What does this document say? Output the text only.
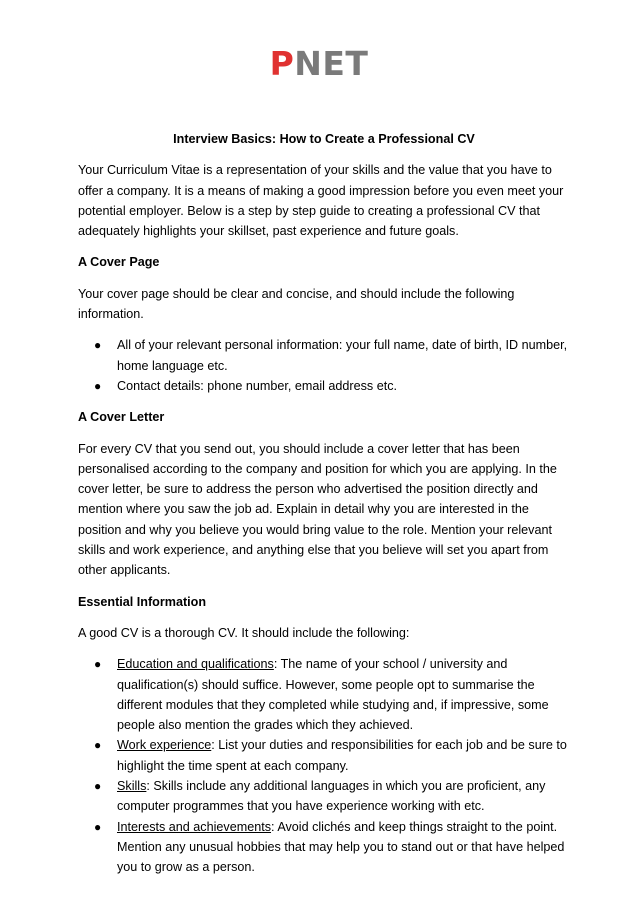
PNET
Interview Basics: How to Create a Professional CV
Your Curriculum Vitae is a representation of your skills and the value that you have to offer a company. It is a means of making a good impression before you even meet your potential employer. Below is a step by step guide to creating a professional CV that adequately highlights your skillset, past experience and future goals.
A Cover Page
Your cover page should be clear and concise, and should include the following information.
● All of your relevant personal information: your full name, date of birth, ID number, home language etc.
● Contact details: phone number, email address etc.
A Cover Letter
For every CV that you send out, you should include a cover letter that has been personalised according to the company and position for which you are applying. In the cover letter, be sure to address the person who advertised the position directly and mention where you saw the job ad. Explain in detail why you are interested in the position and why you believe you would bring value to the role. Mention your relevant skills and work experience, and anything else that you believe will set you apart from other applicants.
Essential Information
A good CV is a thorough CV. It should include the following:
● Education and qualifications: The name of your school / university and qualification(s) should suffice. However, some people opt to summarise the different modules that they completed while studying and, if impressive, some people also mention the grades which they achieved.
● Work experience: List your duties and responsibilities for each job and be sure to highlight the time spent at each company.
● Skills: Skills include any additional languages in which you are proficient, any computer programmes that you have experience working with etc.
● Interests and achievements: Avoid clichés and keep things straight to the point. Mention any unusual hobbies that may help you to stand out or that have helped you to grow as a person.
